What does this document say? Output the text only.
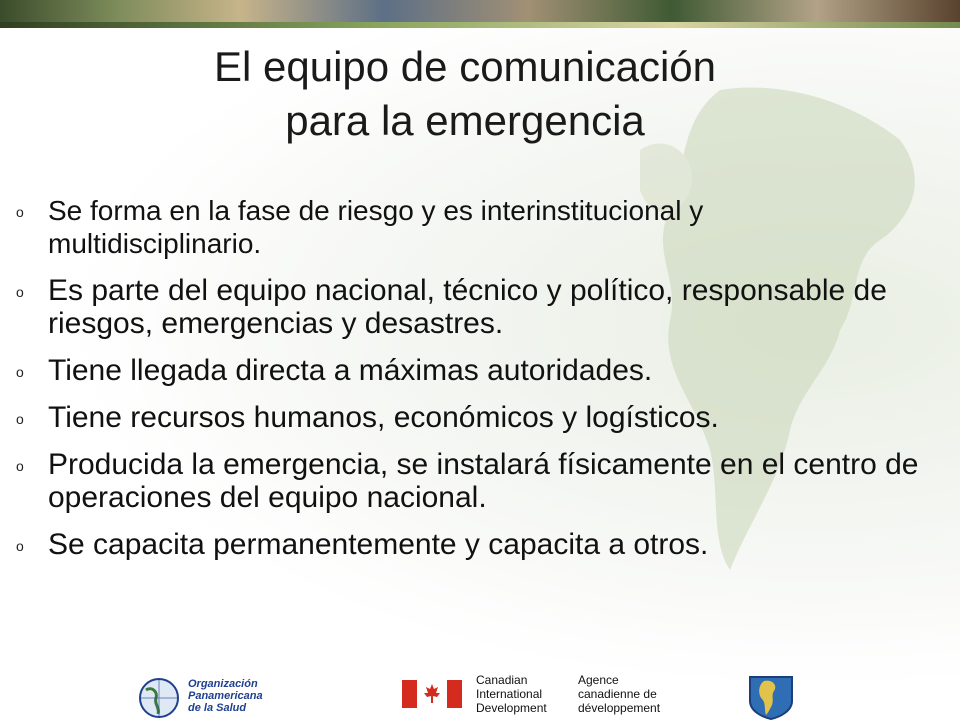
El equipo de comunicación
para la emergencia
o Se forma en la fase de riesgo y es interinstitucional y multidisciplinario.
o Es parte del equipo nacional, técnico y político, responsable de riesgos, emergencias y desastres.
o Tiene llegada directa a máximas autoridades.
o Tiene recursos humanos, económicos y logísticos.
o Producida la emergencia, se instalará físicamente en el centro de operaciones del equipo nacional.
o Se capacita permanentemente y capacita a otros.
Organización
Panamericana
de la Salud
Canadian
International
Development
Agence
canadienne de
développement
